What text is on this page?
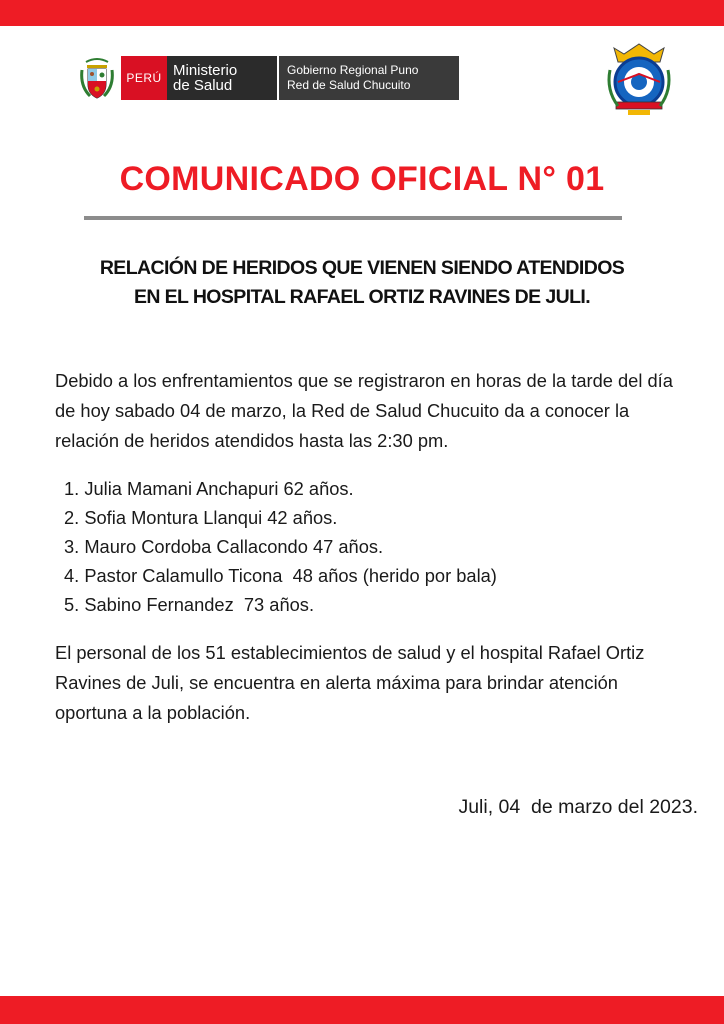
PERÚ Ministerio
de Salud
Gobierno Regional Puno
Red de Salud Chucuito
COMUNICADO OFICIAL N° 01
RELACIÓN DE HERIDOS QUE VIENEN SIENDO ATENDIDOS
EN EL HOSPITAL RAFAEL ORTIZ RAVINES DE JULI.

Debido a los enfrentamientos que se registraron en horas de la tarde del día de hoy sabado 04 de marzo, la Red de Salud Chucuito da a conocer la relación de heridos atendidos hasta las 2:30 pm.

1. Julia Mamani Anchapuri 62 años.
2. Sofia Montura Llanqui 42 años.
3. Mauro Cordoba Callacondo 47 años.
4. Pastor Calamullo Ticona  48 años (herido por bala)
5. Sabino Fernandez  73 años.

El personal de los 51 establecimientos de salud y el hospital Rafael Ortiz Ravines de Juli, se encuentra en alerta máxima para brindar atención oportuna a la población.

Juli, 04  de marzo del 2023.
